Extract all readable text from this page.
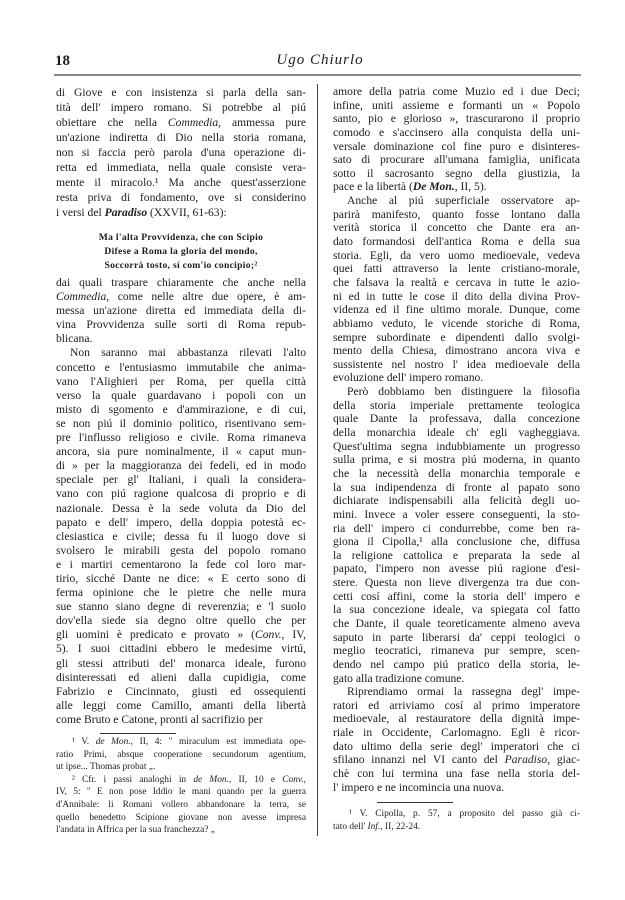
18	Ugo Chiurlo
di Giove e con insistenza si parla della san-
tità dell' impero romano. Si potrebbe al piú
obiettare che nella Commedia, ammessa pure
un'azione indiretta di Dio nella storia romana,
non si faccia però parola d'una operazione di-
retta ed immediata, nella quale consiste vera-
mente il miracolo.¹ Ma anche quest'asserzione
resta priva di fondamento, ove si considerino
i versi del Paradiso (XXVII, 61-63):
Ma l'alta Provvidenza, che con Scipio
Difese a Roma la gloria del mondo,
Soccorrà tosto, sí com'io concipio;²
dai quali traspare chiaramente che anche nella
Commedia, come nelle altre due opere, è am-
messa un'azione diretta ed immediata della di-
vina Provvidenza sulle sorti di Roma repub-
blicana.
Non saranno mai abbastanza rilevati l'alto
concetto e l'entusiasmo immutabile che anima-
vano l'Alighieri per Roma, per quella città
verso la quale guardavano i popoli con un
misto di sgomento e d'ammirazione, e di cui,
se non piú il dominio politico, risentivano sem-
pre l'influsso religioso e civile. Roma rimaneva
ancora, sia pure nominalmente, il « caput mun-
di » per la maggioranza dei fedeli, ed in modo
speciale per gl' Italiani, i quali la considera-
vano con piú ragione qualcosa di proprio e di
nazionale. Dessa è la sede voluta da Dio del
papato e dell' impero, della doppia potestà ec-
clesiastica e civile; dessa fu il luogo dove si
svolsero le mirabili gesta del popolo romano
e i martiri cementarono la fede col loro mar-
tirio, sicché Dante ne dice: « E certo sono di
ferma opinione che le pietre che nelle mura
sue stanno siano degne di reverenzia; e 'l suolo
dov'ella siede sia degno oltre quello che per
gli uomini è predicato e provato » (Conv., IV,
5). I suoi cittadini ebbero le medesime virtú,
gli stessi attributi del' monarca ideale, furono
disinteressati ed alieni dalla cupidigia, come
Fabrizio e Cincinnato, giusti ed ossequienti
alle leggi come Camillo, amanti della libertà
come Bruto e Catone, pronti al sacrifizio per
amore della patria come Muzio ed i due Deci;
infine, uniti assieme e formanti un « Popolo
santo, pio e glorioso », trascurarono il proprio
comodo e s'accinsero alla conquista della uni-
versale dominazione col fine puro e disinteres-
sato di procurare all'umana famiglia, unificata
sotto il sacrosanto segno della giustizia, la
pace e la libertà (De Mon., II, 5).
Anche al piú superficiale osservatore ap-
parirà manifesto, quanto fosse lontano dalla
verità storica il concetto che Dante era an-
dato formandosi dell'antica Roma e della sua
storia. Egli, da vero uomo medioevale, vedeva
quei fatti attraverso la lente cristiano-morale,
che falsava la realtà e cercava in tutte le azio-
ni ed in tutte le cose il dito della divina Prov-
videnza ed il fine ultimo morale. Dunque, come
abbiamo veduto, le vicende storiche di Roma,
sempre subordinate e dipendenti dallo svolgi-
mento della Chiesa, dimostrano ancora viva e
sussistente nel nostro l' idea medioevale della
evoluzione dell' impero romano.
Però dobbiamo ben distinguere la filosofia
della storia imperiale prettamente teologica
quale Dante la professava, dalla concezione
della monarchia ideale ch' egli vagheggiava.
Quest'ultima segna indubbiamente un progresso
sulla prima, e si mostra piú moderna, in quanto
che la necessità della monarchia temporale e
la sua indipendenza di fronte al papato sono
dichiarate indispensabili alla felicità degli uo-
mini. Invece a voler essere conseguenti, la sto-
ria dell' impero ci condurrebbe, come ben ra-
giona il Cipolla,¹ alla conclusione che, diffusa
la religione cattolica e preparata la sede al
papato, l'impero non avesse piú ragione d'esi-
stere. Questa non lieve divergenza tra due con-
cetti cosí affini, come la storia dell' impero e
la sua concezione ideale, va spiegata col fatto
che Dante, il quale teoreticamente almeno aveva
saputo in parte liberarsi da' ceppi teologici o
meglio teocratici, rimaneva pur sempre, scen-
dendo nel campo piú pratico della storia, le-
gato alla tradizione comune.
Riprendiamo ormai la rassegna degl' impe-
ratori ed arriviamo cosí al primo imperatore
medioevale, al restauratore della dignità impe-
riale in Occidente, Carlomagno. Egli è ricor-
dato ultimo della serie degl' imperatori che ci
sfilano innanzi nel VI canto del Paradiso, giac-
chè con lui termina una fase nella storia del-
l' impero e ne incomincia una nuova.
¹ V. de Mon., II, 4: " miraculum est immediata ope-
ratio Primi, absque cooperatione secundorum agentium,
ut ipse... Thomas probat „.
² Cfr. i passi analoghi in de Mon., II, 10 e Conv.,
IV, 5: " E non pose Iddio le mani quando per la guerra
d'Annibale: li Romani vollero abbandonare la terra, se
quello benedetto Scipione giovane non avesse impresa
l'andata in Affrica per la sua franchezza? „
¹ V. Cipolla, p. 57, a proposito del passo già ci-
tato dell' Inf., II, 22-24.
